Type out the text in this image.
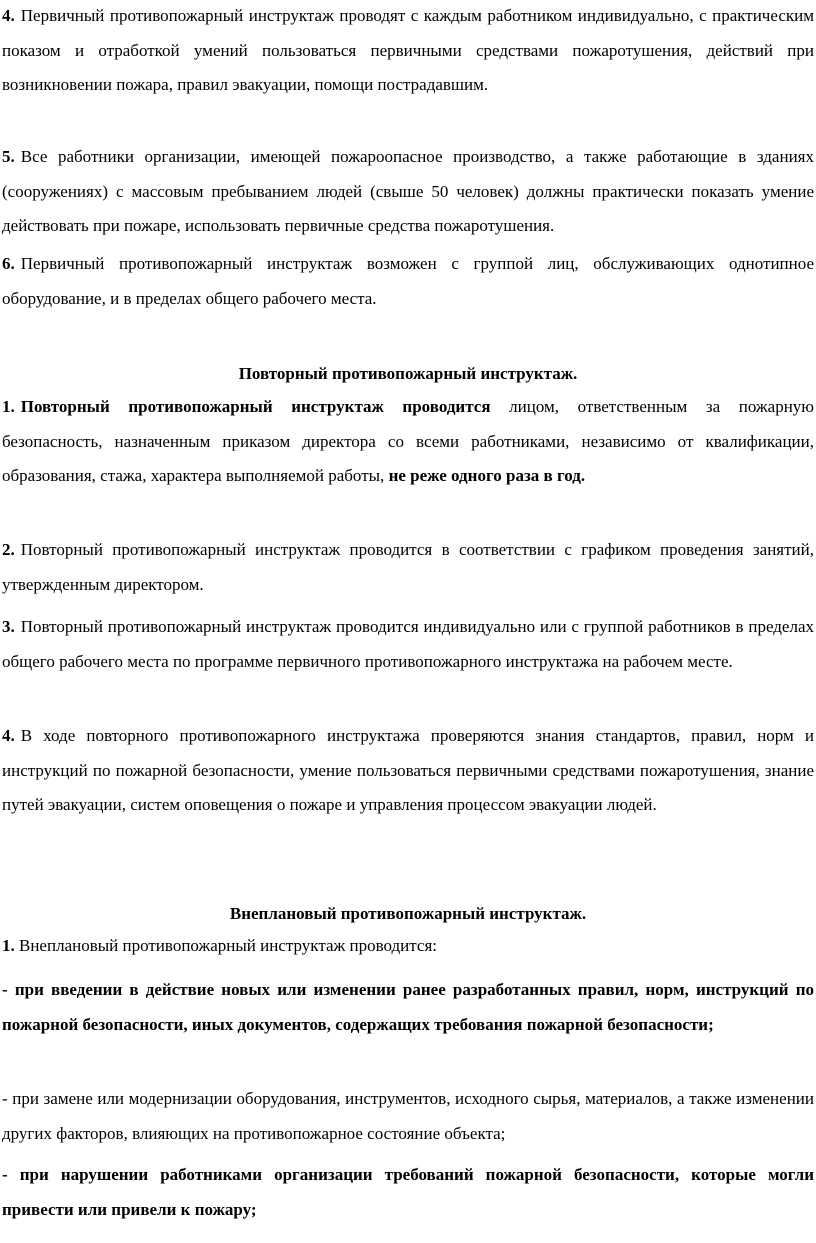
4. Первичный противопожарный инструктаж проводят с каждым работником индивидуально, с практическим показом и отработкой умений пользоваться первичными средствами пожаротушения, действий при возникновении пожара, правил эвакуации, помощи пострадавшим.

5. Все работники организации, имеющей пожароопасное производство, а также работающие в зданиях (сооружениях) с массовым пребыванием людей (свыше 50 человек) должны практически показать умение действовать при пожаре, использовать первичные средства пожаротушения.

6. Первичный противопожарный инструктаж возможен с группой лиц, обслуживающих однотипное оборудование, и в пределах общего рабочего места.

Повторный противопожарный инструктаж.

1. Повторный противопожарный инструктаж проводится лицом, ответственным за пожарную безопасность, назначенным приказом директора со всеми работниками, независимо от квалификации, образования, стажа, характера выполняемой работы, не реже одного раза в год.

2. Повторный противопожарный инструктаж проводится в соответствии с графиком проведения занятий, утвержденным директором.

3. Повторный противопожарный инструктаж проводится индивидуально или с группой работников в пределах общего рабочего места по программе первичного противопожарного инструктажа на рабочем месте.

4. В ходе повторного противопожарного инструктажа проверяются знания стандартов, правил, норм и инструкций по пожарной безопасности, умение пользоваться первичными средствами пожаротушения, знание путей эвакуации, систем оповещения о пожаре и управления процессом эвакуации людей.

Внеплановый противопожарный инструктаж.

1. Внеплановый противопожарный инструктаж проводится:

- при введении в действие новых или изменении ранее разработанных правил, норм, инструкций по пожарной безопасности, иных документов, содержащих требования пожарной безопасности;

- при замене или модернизации оборудования, инструментов, исходного сырья, материалов, а также изменении других факторов, влияющих на противопожарное состояние объекта;

- при нарушении работниками организации требований пожарной безопасности, которые могли привести или привели к пожару;
